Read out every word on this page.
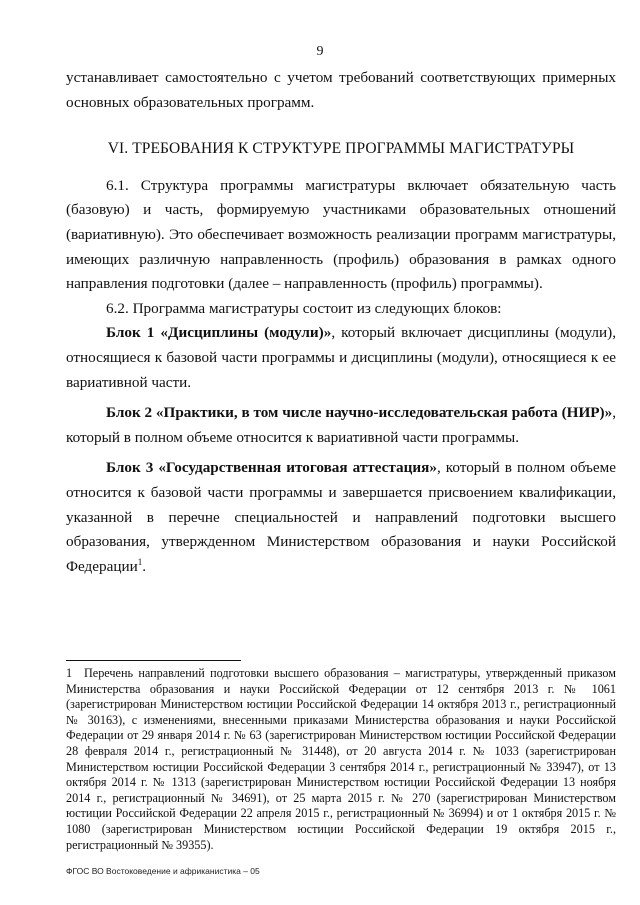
9

устанавливает самостоятельно с учетом требований соответствующих примерных основных образовательных программ.

VI. ТРЕБОВАНИЯ К СТРУКТУРЕ ПРОГРАММЫ МАГИСТРАТУРЫ

6.1. Структура программы магистратуры включает обязательную часть (базовую) и часть, формируемую участниками образовательных отношений (вариативную). Это обеспечивает возможность реализации программ магистратуры, имеющих различную направленность (профиль) образования в рамках одного направления подготовки (далее – направленность (профиль) программы).

6.2. Программа магистратуры состоит из следующих блоков:

Блок 1 «Дисциплины (модули)», который включает дисциплины (модули), относящиеся к базовой части программы и дисциплины (модули), относящиеся к ее вариативной части.

Блок 2 «Практики, в том числе научно-исследовательская работа (НИР)», который в полном объеме относится к вариативной части программы.

Блок 3 «Государственная итоговая аттестация», который в полном объеме относится к базовой части программы и завершается присвоением квалификации, указанной в перечне специальностей и направлений подготовки высшего образования, утвержденном Министерством образования и науки Российской Федерации$^1$.

1 Перечень направлений подготовки высшего образования – магистратуры, утвержденный приказом Министерства образования и науки Российской Федерации от 12 сентября 2013 г. № 1061 (зарегистрирован Министерством юстиции Российской Федерации 14 октября 2013 г., регистрационный № 30163), с изменениями, внесенными приказами Министерства образования и науки Российской Федерации от 29 января 2014 г. № 63 (зарегистрирован Министерством юстиции Российской Федерации 28 февраля 2014 г., регистрационный № 31448), от 20 августа 2014 г. № 1033 (зарегистрирован Министерством юстиции Российской Федерации 3 сентября 2014 г., регистрационный № 33947), от 13 октября 2014 г. № 1313 (зарегистрирован Министерством юстиции Российской Федерации 13 ноября 2014 г., регистрационный № 34691), от 25 марта 2015 г. № 270 (зарегистрирован Министерством юстиции Российской Федерации 22 апреля 2015 г., регистрационный № 36994) и от 1 октября 2015 г. № 1080 (зарегистрирован Министерством юстиции Российской Федерации 19 октября 2015 г., регистрационный № 39355).
ФГОС ВО Востоковедение и африканистика – 05
